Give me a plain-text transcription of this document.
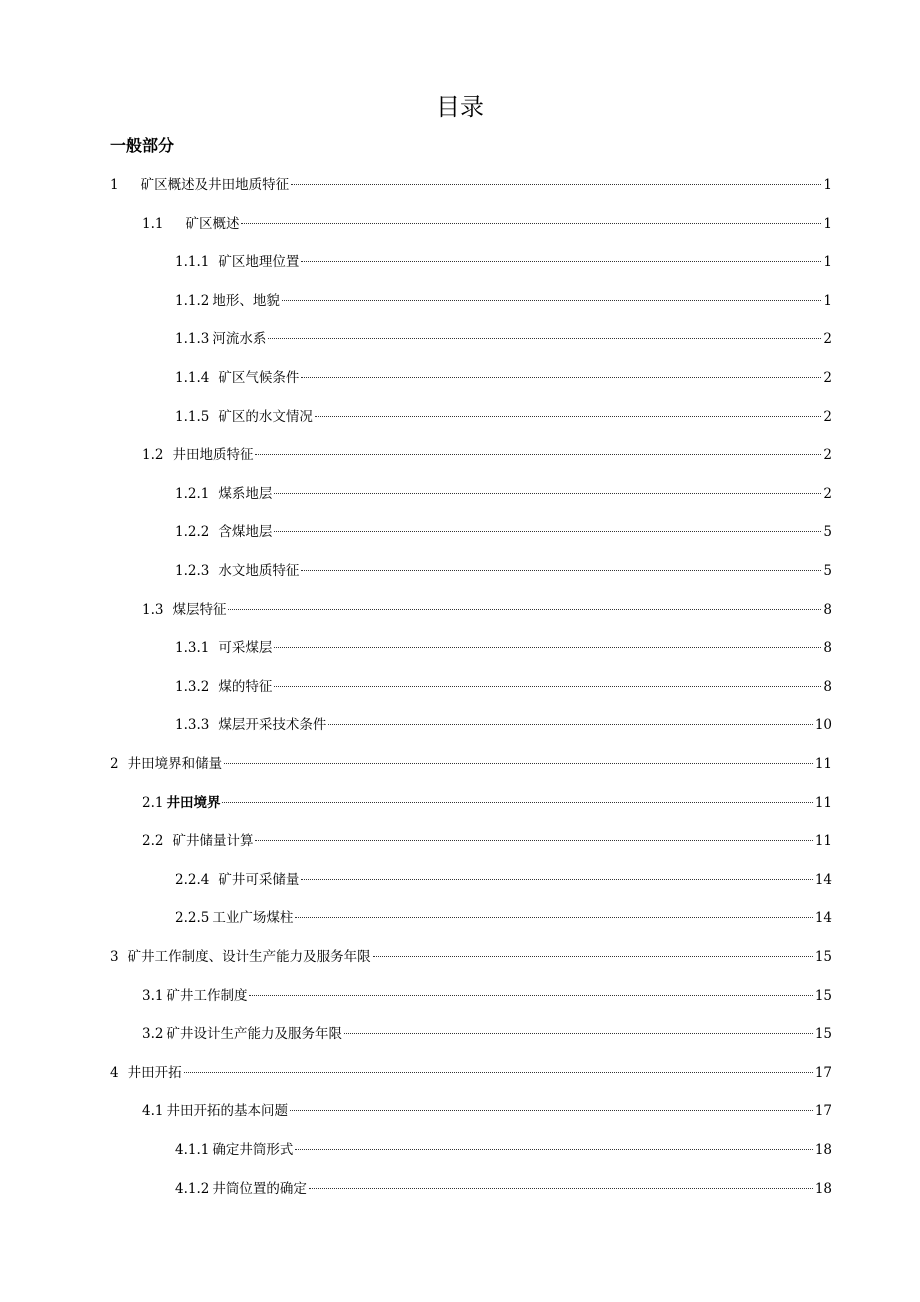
目录
一般部分
1 矿区概述及井田地质特征	1
1.1 矿区概述	1
1.1.1 矿区地理位置	1
1.1.2 地形、地貌	1
1.1.3 河流水系	2
1.1.4 矿区气候条件	2
1.1.5 矿区的水文情况	2
1.2 井田地质特征	2
1.2.1 煤系地层	2
1.2.2 含煤地层	5
1.2.3 水文地质特征	5
1.3 煤层特征	8
1.3.1 可采煤层	8
1.3.2 煤的特征	8
1.3.3 煤层开采技术条件	10
2 井田境界和储量	11
2.1 井田境界	11
2.2 矿井储量计算	11
2.2.4 矿井可采储量	14
2.2.5 工业广场煤柱	14
3 矿井工作制度、设计生产能力及服务年限	15
3.1 矿井工作制度	15
3.2 矿井设计生产能力及服务年限	15
4 井田开拓	17
4.1 井田开拓的基本问题	17
4.1.1 确定井筒形式	18
4.1.2 井筒位置的确定	18
